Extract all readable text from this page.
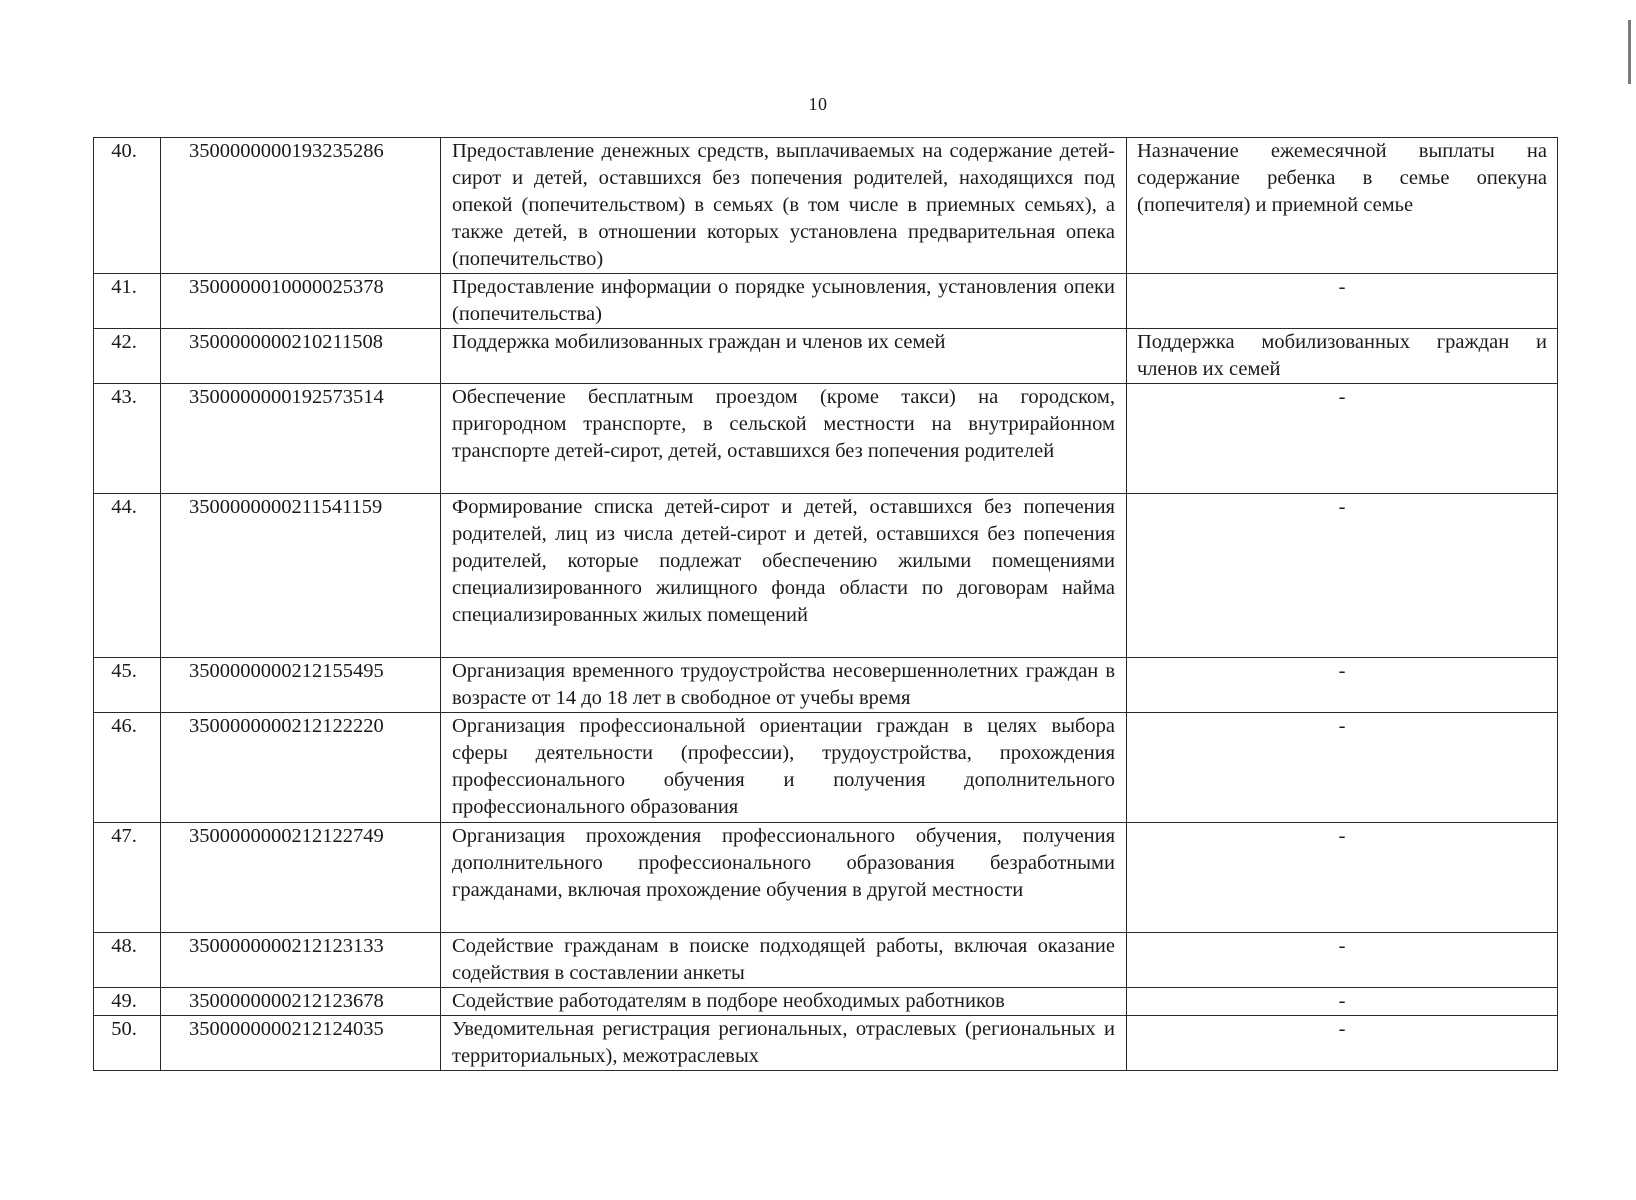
10
40.	3500000000193235286	Предоставление денежных средств, выплачиваемых на содержание детей-сирот и детей, оставшихся без попечения родителей, находящихся под опекой (попечительством) в семьях (в том числе в приемных семьях), а также детей, в отношении которых установлена предварительная опека (попечительство)	Назначение ежемесячной выплаты на содержание ребенка в семье опекуна (попечителя) и приемной семье
41.	3500000010000025378	Предоставление информации о порядке усыновления, установления опеки (попечительства)	-
42.	3500000000210211508	Поддержка мобилизованных граждан и членов их семей	Поддержка мобилизованных граждан и членов их семей
43.	3500000000192573514	Обеспечение бесплатным проездом (кроме такси) на городском, пригородном транспорте, в сельской местности на внутрирайонном транспорте детей-сирот, детей, оставшихся без попечения родителей	-
44.	3500000000211541159	Формирование списка детей-сирот и детей, оставшихся без попечения родителей, лиц из числа детей-сирот и детей, оставшихся без попечения родителей, которые подлежат обеспечению жилыми помещениями специализированного жилищного фонда области по договорам найма специализированных жилых помещений	-
45.	3500000000212155495	Организация временного трудоустройства несовершеннолетних граждан в возрасте от 14 до 18 лет в свободное от учебы время	-
46.	3500000000212122220	Организация профессиональной ориентации граждан в целях выбора сферы деятельности (профессии), трудоустройства, прохождения профессионального обучения и получения дополнительного профессионального образования	-
47.	3500000000212122749	Организация прохождения профессионального обучения, получения дополнительного профессионального образования безработными гражданами, включая прохождение обучения в другой местности	-
48.	3500000000212123133	Содействие гражданам в поиске подходящей работы, включая оказание содействия в составлении анкеты	-
49.	3500000000212123678	Содействие работодателям в подборе необходимых работников	-
50.	3500000000212124035	Уведомительная регистрация региональных, отраслевых (региональных и территориальных), межотраслевых	-
